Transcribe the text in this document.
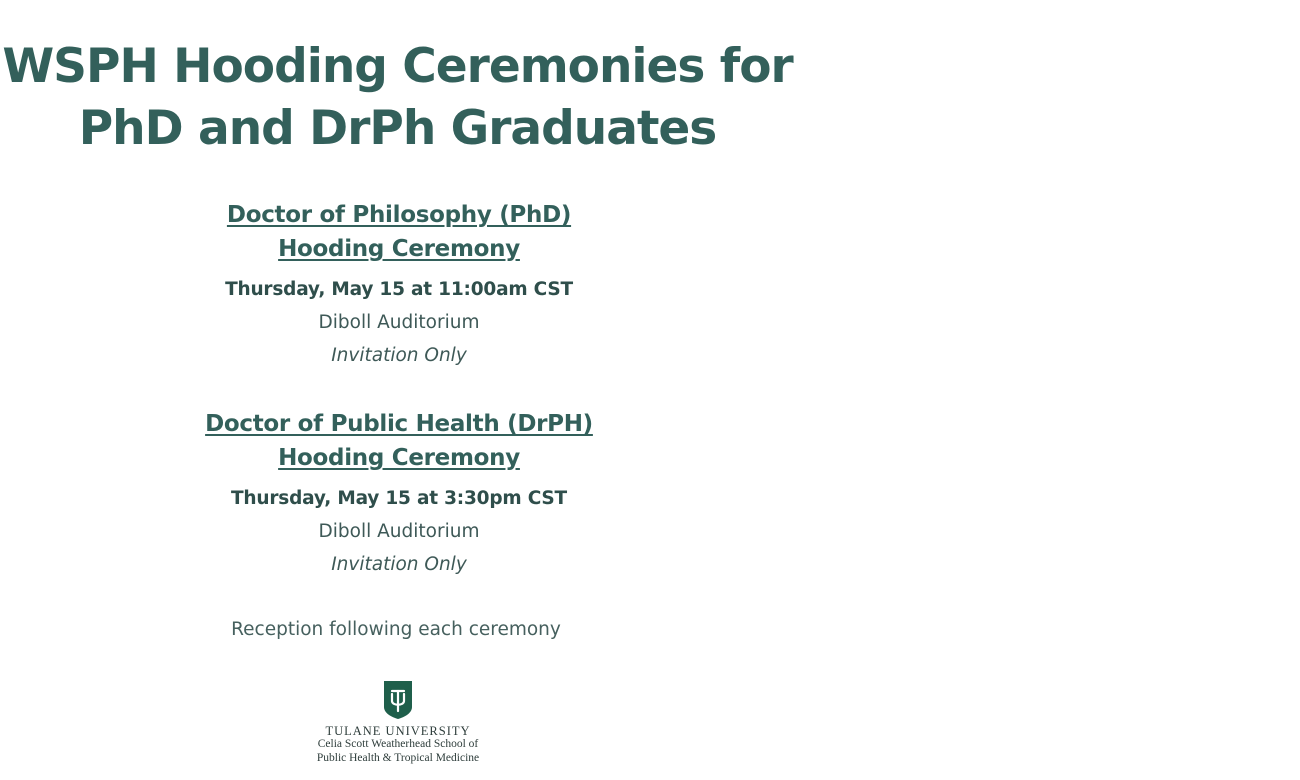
WSPH Hooding Ceremonies for
PhD and DrPh Graduates
Doctor of Philosophy (PhD)
Hooding Ceremony
Thursday, May 15 at 11:00am CST
Diboll Auditorium
Invitation Only
Doctor of Public Health (DrPH)
Hooding Ceremony
Thursday, May 15 at 3:30pm CST
Diboll Auditorium
Invitation Only
Reception following each ceremony
TULANE UNIVERSITY
Celia Scott Weatherhead School of
Public Health & Tropical Medicine
